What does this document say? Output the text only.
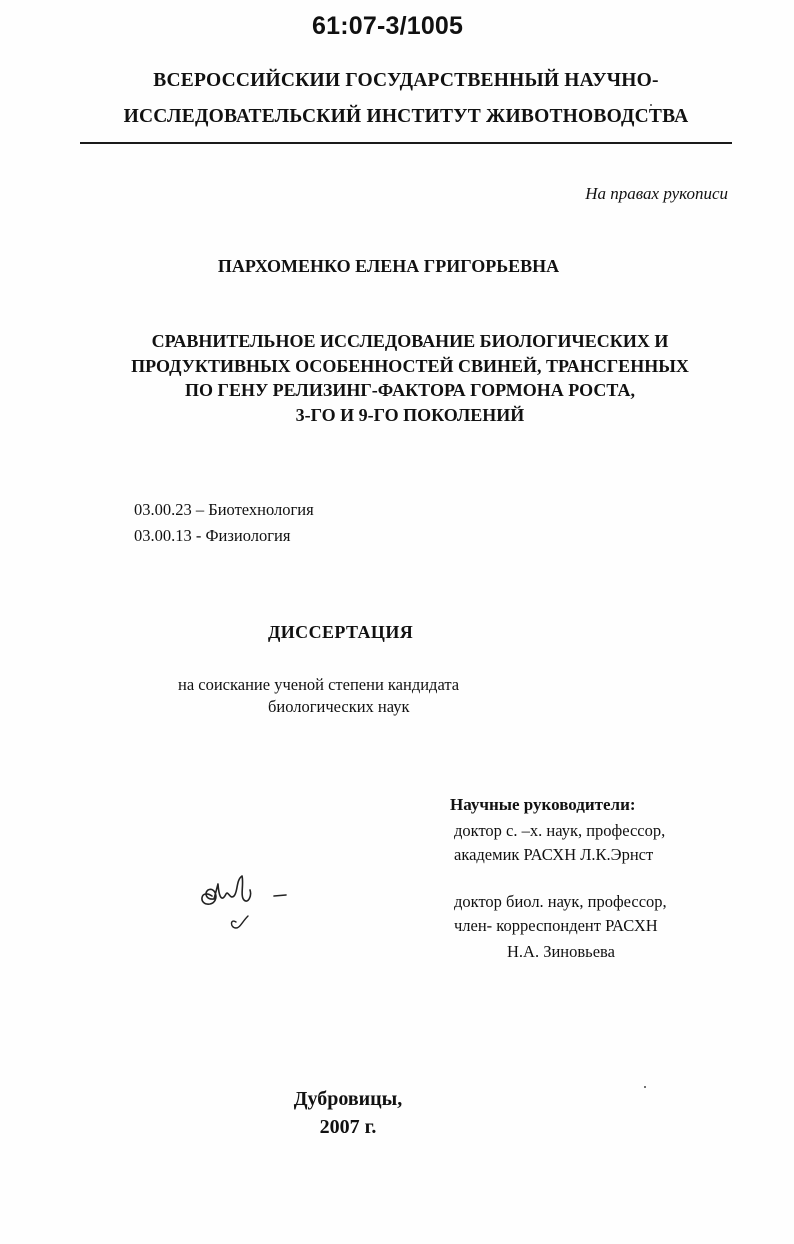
61:07-3/1005
ВСЕРОССИЙСКИИ ГОСУДАРСТВЕННЫЙ НАУЧНО-
ИССЛЕДОВАТЕЛЬСКИЙ ИНСТИТУТ ЖИВОТНОВОДСТВА
На правах рукописи
ПАРХОМЕНКО ЕЛЕНА ГРИГОРЬЕВНА
СРАВНИТЕЛЬНОЕ ИССЛЕДОВАНИЕ БИОЛОГИЧЕСКИХ И
ПРОДУКТИВНЫХ ОСОБЕННОСТЕЙ СВИНЕЙ, ТРАНСГЕННЫХ
ПО ГЕНУ РЕЛИЗИНГ-ФАКТОРА ГОРМОНА РОСТА,
3-ГО И 9-ГО ПОКОЛЕНИЙ
03.00.23 – Биотехнология
03.00.13 - Физиология
ДИССЕРТАЦИЯ
на соискание ученой степени кандидата
биологических наук
Научные руководители:
доктор с. –х. наук, профессор,
академик РАСХН Л.К.Эрнст
доктор биол. наук, профессор,
член- корреспондент РАСХН
Н.А. Зиновьева
Дубровицы,
2007 г.
